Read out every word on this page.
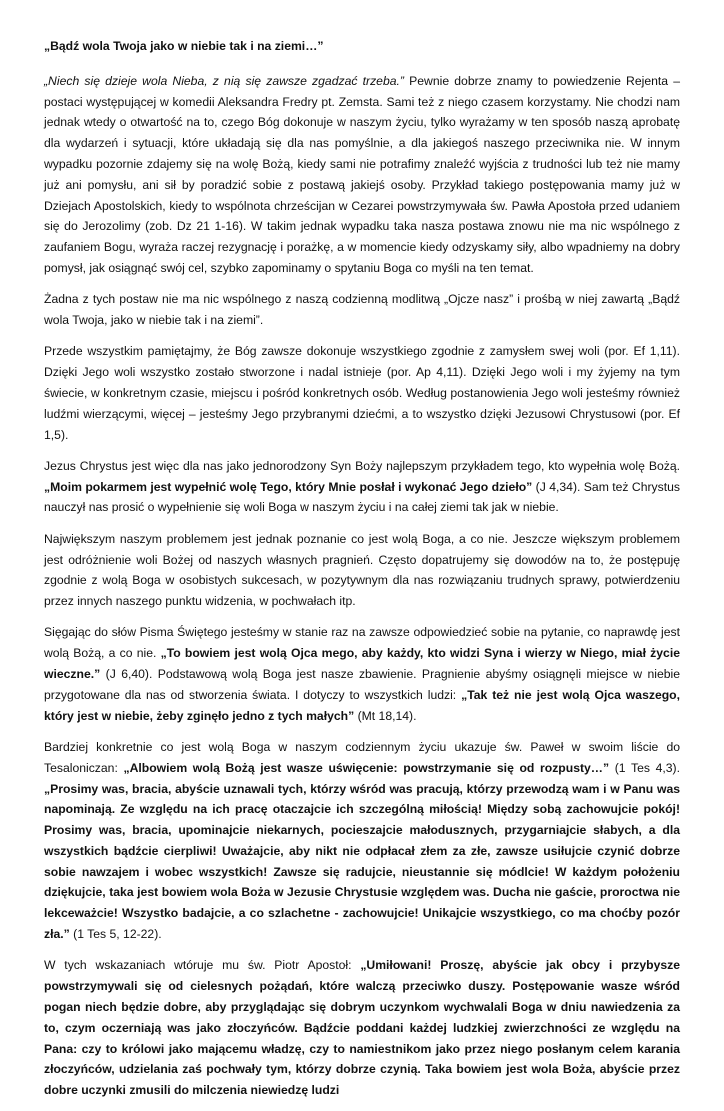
„Bądź wola Twoja jako w niebie tak i na ziemi…”

„Niech się dzieje wola Nieba, z nią się zawsze zgadzać trzeba.” Pewnie dobrze znamy to powiedzenie Rejenta – postaci występującej w komedii Aleksandra Fredry pt. Zemsta. Sami też z niego czasem korzystamy. Nie chodzi nam jednak wtedy o otwartość na to, czego Bóg dokonuje w naszym życiu, tylko wyrażamy w ten sposób naszą aprobatę dla wydarzeń i sytuacji, które układają się dla nas pomyślnie, a dla jakiegoś naszego przeciwnika nie. W innym wypadku pozornie zdajemy się na wolę Bożą, kiedy sami nie potrafimy znaleźć wyjścia z trudności lub też nie mamy już ani pomysłu, ani sił by poradzić sobie z postawą jakiejś osoby. Przykład takiego postępowania mamy już w Dziejach Apostolskich, kiedy to wspólnota chrześcijan w Cezarei powstrzymywała św. Pawła Apostoła przed udaniem się do Jerozolimy (zob. Dz 21 1-16). W takim jednak wypadku taka nasza postawa znowu nie ma nic wspólnego z zaufaniem Bogu, wyraża raczej rezygnację i porażkę, a w momencie kiedy odzyskamy siły, albo wpadniemy na dobry pomysł, jak osiągnąć swój cel, szybko zapominamy o spytaniu Boga co myśli na ten temat.

Żadna z tych postaw nie ma nic wspólnego z naszą codzienną modlitwą „Ojcze nasz” i prośbą w niej zawartą „Bądź wola Twoja, jako w niebie tak i na ziemi”.

Przede wszystkim pamiętajmy, że Bóg zawsze dokonuje wszystkiego zgodnie z zamysłem swej woli (por. Ef 1,11). Dzięki Jego woli wszystko zostało stworzone i nadal istnieje (por. Ap 4,11). Dzięki Jego woli i my żyjemy na tym świecie, w konkretnym czasie, miejscu i pośród konkretnych osób. Według postanowienia Jego woli jesteśmy również ludźmi wierzącymi, więcej – jesteśmy Jego przybranymi dziećmi, a to wszystko dzięki Jezusowi Chrystusowi (por. Ef 1,5).

Jezus Chrystus jest więc dla nas jako jednorodzony Syn Boży najlepszym przykładem tego, kto wypełnia wolę Bożą. „Moim pokarmem jest wypełnić wolę Tego, który Mnie posłał i wykonać Jego dzieło” (J 4,34). Sam też Chrystus nauczył nas prosić o wypełnienie się woli Boga w naszym życiu i na całej ziemi tak jak w niebie.

Największym naszym problemem jest jednak poznanie co jest wolą Boga, a co nie. Jeszcze większym problemem jest odróżnienie woli Bożej od naszych własnych pragnień. Często dopatrujemy się dowodów na to, że postępuję zgodnie z wolą Boga w osobistych sukcesach, w pozytywnym dla nas rozwiązaniu trudnych sprawy, potwierdzeniu przez innych naszego punktu widzenia, w pochwałach itp.

Sięgając do słów Pisma Świętego jesteśmy w stanie raz na zawsze odpowiedzieć sobie na pytanie, co naprawdę jest wolą Bożą, a co nie. „To bowiem jest wolą Ojca mego, aby każdy, kto widzi Syna i wierzy w Niego, miał życie wieczne.” (J 6,40). Podstawową wolą Boga jest nasze zbawienie. Pragnienie abyśmy osiągnęli miejsce w niebie przygotowane dla nas od stworzenia świata. I dotyczy to wszystkich ludzi: „Tak też nie jest wolą Ojca waszego, który jest w niebie, żeby zginęło jedno z tych małych” (Mt 18,14).

Bardziej konkretnie co jest wolą Boga w naszym codziennym życiu ukazuje św. Paweł w swoim liście do Tesaloniczan: „Albowiem wolą Bożą jest wasze uświęcenie: powstrzymanie się od rozpusty…” (1 Tes 4,3). „Prosimy was, bracia, abyście uznawali tych, którzy wśród was pracują, którzy przewodzą wam i w Panu was napominają. Ze względu na ich pracę otaczajcie ich szczególną miłością! Między sobą zachowujcie pokój! Prosimy was, bracia, upominajcie niekarnych, pocieszajcie małodusznych, przygarniajcie słabych, a dla wszystkich bądźcie cierpliwi! Uważajcie, aby nikt nie odpłacał złem za złe, zawsze usiłujcie czynić dobrze sobie nawzajem i wobec wszystkich! Zawsze się radujcie, nieustannie się módlcie! W każdym położeniu dziękujcie, taka jest bowiem wola Boża w Jezusie Chrystusie względem was. Ducha nie gaście, proroctwa nie lekceważcie! Wszystko badajcie, a co szlachetne - zachowujcie! Unikajcie wszystkiego, co ma choćby pozór zła.” (1 Tes 5, 12-22).

W tych wskazaniach wtóruje mu św. Piotr Apostoł: „Umiłowani! Proszę, abyście jak obcy i przybysze powstrzymywali się od cielesnych pożądań, które walczą przeciwko duszy. Postępowanie wasze wśród pogan niech będzie dobre, aby przyglądając się dobrym uczynkom wychwalali Boga w dniu nawiedzenia za to, czym oczerniają was jako złoczyńców. Bądźcie poddani każdej ludzkiej zwierzchności ze względu na Pana: czy to królowi jako mającemu władzę, czy to namiestnikom jako przez niego posłanym celem karania złoczyńców, udzielania zaś pochwały tym, którzy dobrze czynią. Taka bowiem jest wola Boża, abyście przez dobre uczynki zmusili do milczenia niewiedzę ludzi
